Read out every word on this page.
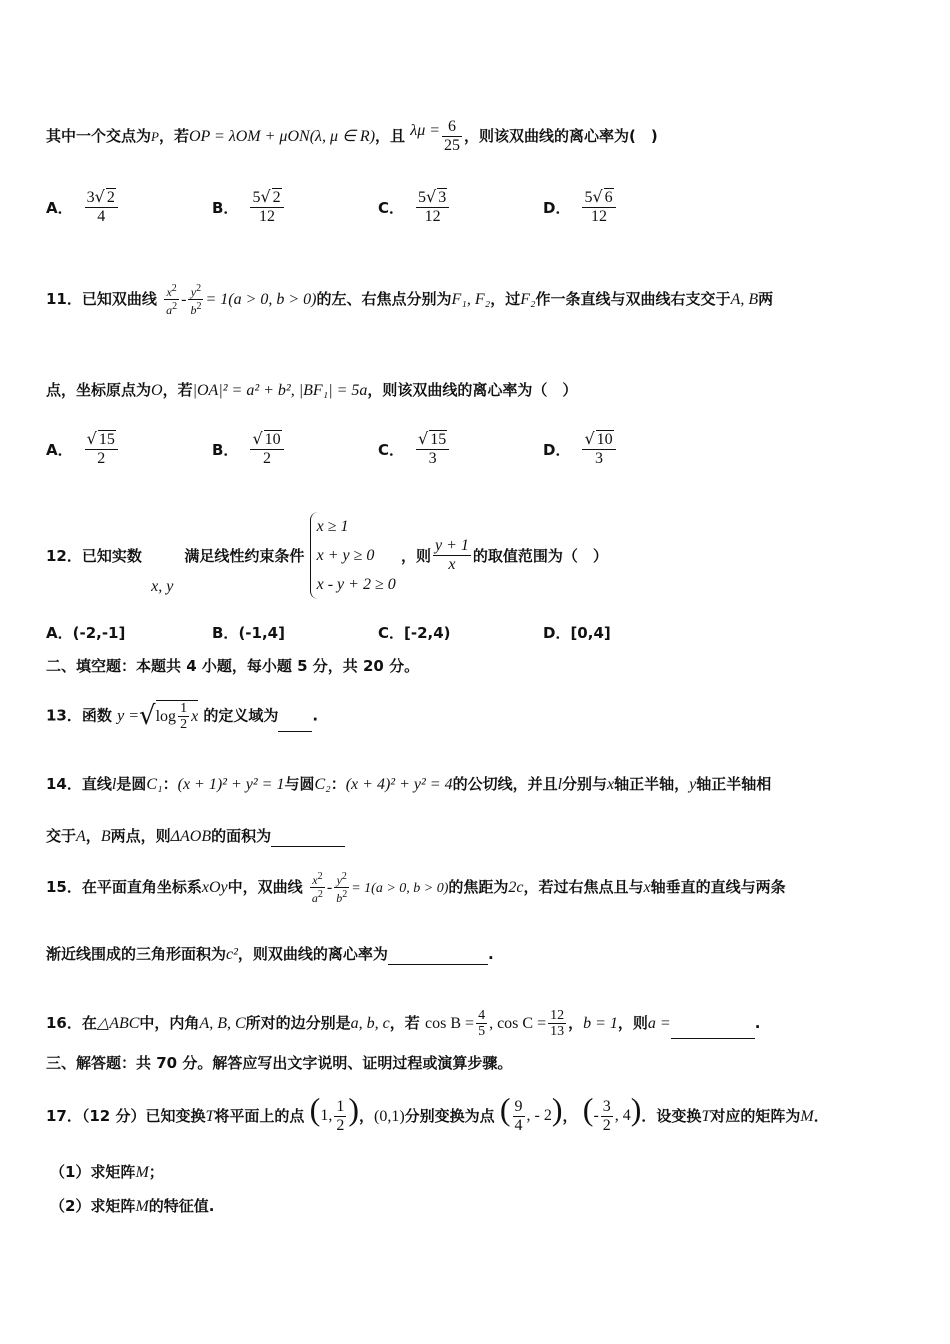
其中一个交点为P，若OP = λOM + μON(λ, μ ∈ R)，且 $\lambda\mu = \frac{6}{25}$ ，则该双曲线的离心率为(　)
A． $\frac{3√ 2}{4}$	B． $\frac{5√ 2}{12}$	C． $\frac{5√ 3}{12}$	D． $\frac{5√ 6}{12}$
11．已知双曲线 $\frac{x^2}{a^2} - \frac{y^2}{b^2} = 1(a > 0$, b > 0)的左、右焦点分别为F₁, F₂，过F₂作一条直线与双曲线右支交于A, B两
点，坐标原点为O，若|OA|² = a² + b², |BF₁| = 5a，则该双曲线的离心率为（　）
A． $\frac{√ 15}{2}$	B． $\frac{√ 10}{2}$	C． $\frac{√ 15}{3}$	D． $\frac{√ 10}{3}$
12．已知实数
x, y
满足线性约束条件
x ≥ 1
x + y ≥ 0
x - y + 2 ≥ 0
，则 $\frac{y + 1}{x}$ 的取值范围为（　）
A．(-2,-1]	B．(-1,4]	C．[-2,4)	D．[0,4]
二、填空题：本题共 4 小题，每小题 5 分，共 20 分。
13．函数 $y =√\log \frac{1}{2}$ x 的定义域为 .
14．直线l是圆C₁：(x + 1)² + y² = 1与圆C₂：(x + 4)² + y² = 4的公切线，并且l分别与x轴正半轴，y轴正半轴相
交于A，B两点，则ΔAOB的面积为
15．在平面直角坐标系xOy中，双曲线 $\frac{x^2}{a^2} - \frac{y^2}{b^2} = 1(a > 0$, b > 0)的焦距为2c，若过右焦点且与x轴垂直的直线与两条
渐近线围成的三角形面积为c²，则双曲线的离心率为	.
16．在△ABC中，内角A, B, C所对的边分别是a, b, c，若 $\cos B = \frac{4}{5}$ , $\cos C = \frac{12}{13}$ ，b = 1，则a =	.
三、解答题：共 70 分。解答应写出文字说明、证明过程或演算步骤。
17．（12 分）已知变换T将平面上的点 (1, $\frac{1}{2}$ )，(0,1)分别变换为点 ( $\frac{9}{4}$ , - 2)， (- $\frac{3}{2}$ , 4)．设变换T对应的矩阵为M．
（1）求矩阵M；
（2）求矩阵M的特征值.
